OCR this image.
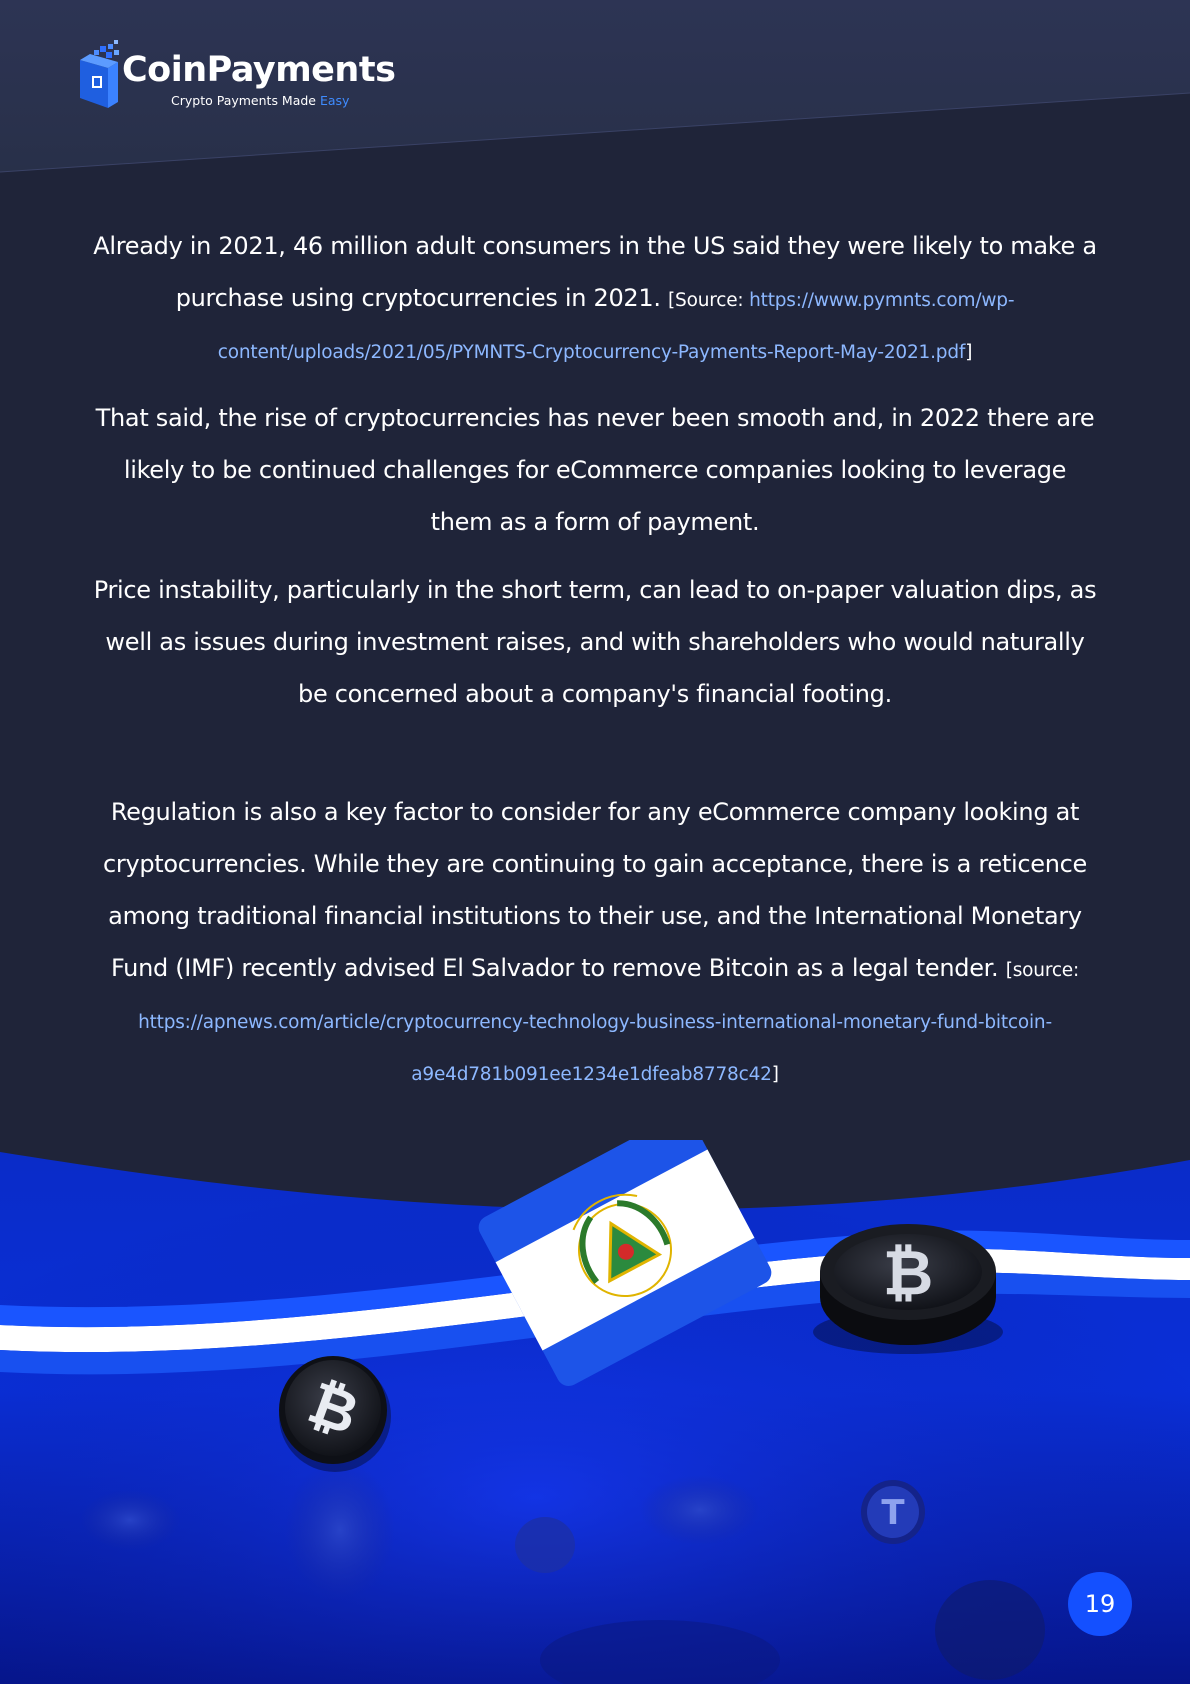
CoinPayments
Crypto Payments Made Easy

Already in 2021, 46 million adult consumers in the US said they were likely to make a purchase using cryptocurrencies in 2021. [Source: https://www.pymnts.com/wp-content/uploads/2021/05/PYMNTS-Cryptocurrency-Payments-Report-May-2021.pdf]

That said, the rise of cryptocurrencies has never been smooth and, in 2022 there are likely to be continued challenges for eCommerce companies looking to leverage them as a form of payment.

Price instability, particularly in the short term, can lead to on-paper valuation dips, as well as issues during investment raises, and with shareholders who would naturally be concerned about a company's financial footing.

Regulation is also a key factor to consider for any eCommerce company looking at cryptocurrencies. While they are continuing to gain acceptance, there is a reticence among traditional financial institutions to their use, and the International Monetary Fund (IMF) recently advised El Salvador to remove Bitcoin as a legal tender. [source: https://apnews.com/article/cryptocurrency-technology-business-international-monetary-fund-bitcoin-a9e4d781b091ee1234e1dfeab8778c42]

₿
₿
T
19
